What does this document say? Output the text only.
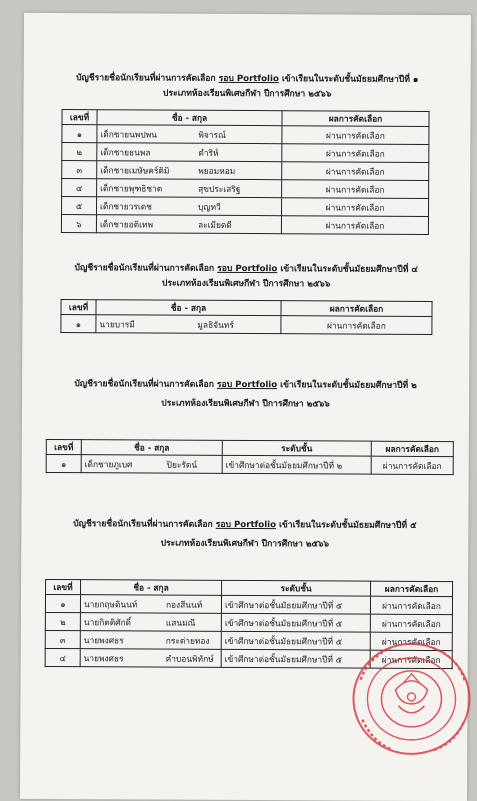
บัญชีรายชื่อนักเรียนที่ผ่านการคัดเลือก รอบ Portfolio เข้าเรียนในระดับชั้นมัธยมศึกษาปีที่ ๑
ประเภทห้องเรียนพิเศษกีฬา ปีการศึกษา ๒๕๖๖
เลขที่	ชื่อ - สกุล	ผลการคัดเลือก
๑	เด็กชายนพปพน พิจารณ์	ผ่านการคัดเลือก
๒	เด็กชายธนพล ตำริห์	ผ่านการคัดเลือก
๓	เด็กชายเมษัษคร์ติมิ พยอมหอม	ผ่านการคัดเลือก
๔	เด็กชายพุฑธิชาต สุขประเสริฐ	ผ่านการคัดเลือก
๕	เด็กชายวรเดช บุญทวี	ผ่านการคัดเลือก
๖	เด็กชายอติเทพ ละเมียดดี	ผ่านการคัดเลือก
บัญชีรายชื่อนักเรียนที่ผ่านการคัดเลือก รอบ Portfolio เข้าเรียนในระดับชั้นมัธยมศึกษาปีที่ ๔
ประเภทห้องเรียนพิเศษกีฬา ปีการศึกษา ๒๕๖๖
เลขที่	ชื่อ - สกุล	ผลการคัดเลือก
๑	นายบารมี มูลธิจันทร์	ผ่านการคัดเลือก
บัญชีรายชื่อนักเรียนที่ผ่านการคัดเลือก รอบ Portfolio เข้าเรียนในระดับชั้นมัธยมศึกษาปีที่ ๒
ประเภทห้องเรียนพิเศษกีฬา ปีการศึกษา ๒๕๖๖
เลขที่	ชื่อ - สกุล	ระดับชั้น	ผลการคัดเลือก
๑	เด็กชายภูเบศ ปิยะรัตน์	เข้าศึกษาต่อชั้นมัธยมศึกษาปีที่ ๒	ผ่านการคัดเลือก
บัญชีรายชื่อนักเรียนที่ผ่านการคัดเลือก รอบ Portfolio เข้าเรียนในระดับชั้นมัธยมศึกษาปีที่ ๕
ประเภทห้องเรียนพิเศษกีฬา ปีการศึกษา ๒๕๖๖
เลขที่	ชื่อ - สกุล	ระดับชั้น	ผลการคัดเลือก
๑	นายกฤษดินนท์ กองสีนนท์	เข้าศึกษาต่อชั้นมัธยมศึกษาปีที่ ๕	ผ่านการคัดเลือก
๒	นายกิตติศักดิ์ แสนมณี	เข้าศึกษาต่อชั้นมัธยมศึกษาปีที่ ๕	ผ่านการคัดเลือก
๓	นายพงศธร กระต่ายทอง	เข้าศึกษาต่อชั้นมัธยมศึกษาปีที่ ๕	ผ่านการคัดเลือก
๔	นายพงศธร คำบอนพิทักษ์	เข้าศึกษาต่อชั้นมัธยมศึกษาปีที่ ๕	ผ่านการคัดเลือก
